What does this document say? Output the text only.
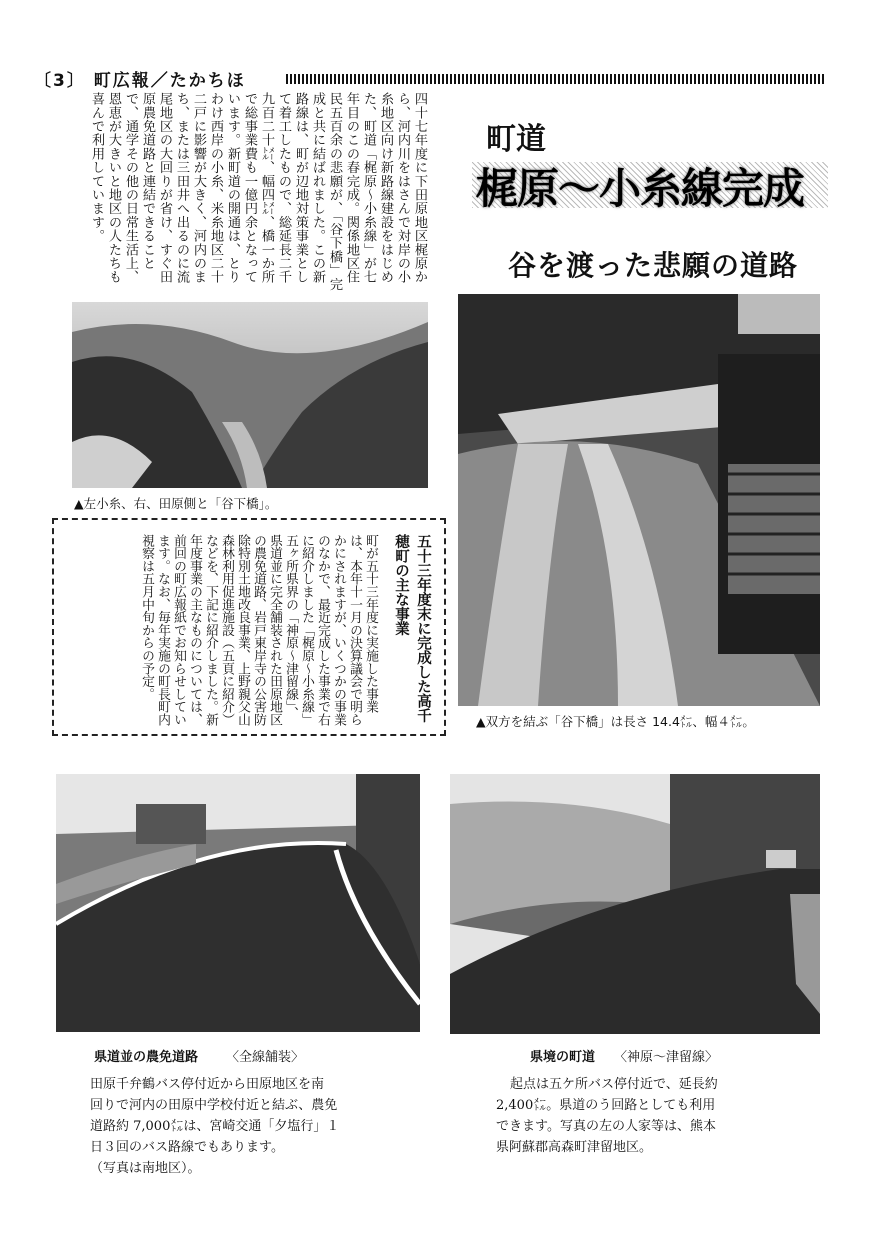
〔3〕 町広報／たかちほ
四十七年度に下田原地区梶原から、河内川をはさんで対岸の小糸地区向け新路線建設をはじめた、町道「梶原～小糸線」が七年目のこの春完成。関係地区住民五百余の悲願が、「谷下橋」完成と共に結ばれました。この新路線は、町が辺地対策事業として着工したもので、総延長二千九百二十㍍、幅四㍍、橋一か所で総事業費も一億円余となっています。新町道の開通は、とりわけ西岸の小糸、米糸地区二十二戸に影響が大きく、河内のまち、または三田井へ出るのに流尾地区の大回りが省け、すぐ田原農免道路と連結できることで、通学その他の日常生活上、恩恵が大きいと地区の人たちも喜んで利用しています。	町道
梶原～小糸線完成
谷を渡った悲願の道路
▲左小糸、右、田原側と「谷下橋」。
▲双方を結ぶ「谷下橋」は長さ 14.4㍍、幅４㍍。
五十三年度末に完成した高千穂町の主な事業
町が五十三年度に実施した事業は、本年十一月の決算議会で明らかにされますが、いくつかの事業のなかで、最近完成した事業で右に紹介しました「梶原～小糸線」五ヶ所県界の「神原～津留線」、県道並に完全舗装された田原地区の農免道路、岩戸東岸寺の公害防除特別土地改良事業、上野親父山森林利用促進施設（五頁に紹介）などを、下記に紹介しました。新年度事業の主なものについては、前回の町広報紙でお知らせしています。なお、毎年実施の町長町内視察は五月中旬からの予定。
県道並の農免道路 〈全線舗装〉
田原千弁鶴バス停付近から田原地区を南
回りで河内の田原中学校付近と結ぶ、農免
道路約 7,000㍍は、宮崎交通「夕塩行」１
日３回のバス路線でもあります。
（写真は南地区）。
県境の町道 〈神原～津留線〉
起点は五ケ所バス停付近で、延長約
2,400㍍。県道のう回路としても利用
できます。写真の左の人家等は、熊本
県阿蘇郡高森町津留地区。
